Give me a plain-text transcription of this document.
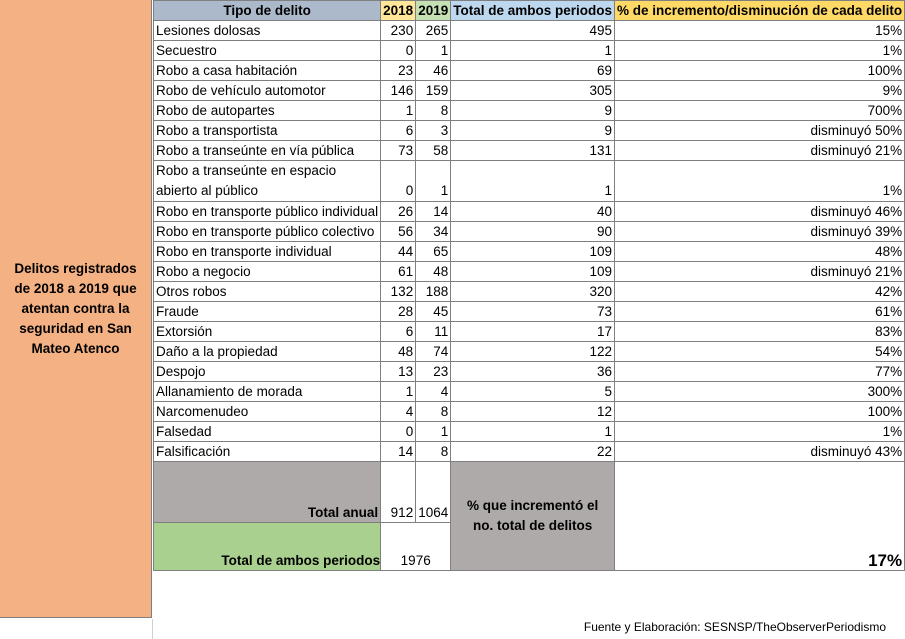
Delitos registrados de 2018 a 2019 que atentan contra la seguridad en San Mateo Atenco
Tipo de delito	2018	2019	Total de ambos periodos	% de incremento/disminución de cada delito
Lesiones dolosas	230	265	495	15%
Secuestro	0	1	1	1%
Robo a casa habitación	23	46	69	100%
Robo de vehículo automotor	146	159	305	9%
Robo de autopartes	1	8	9	700%
Robo a transportista	6	3	9	disminuyó 50%
Robo a transeúnte en vía pública	73	58	131	disminuyó 21%
Robo a transeúnte en espacio abierto al público	0	1	1	1%
Robo en transporte público individual	26	14	40	disminuyó 46%
Robo en transporte público colectivo	56	34	90	disminuyó 39%
Robo en transporte individual	44	65	109	48%
Robo a negocio	61	48	109	disminuyó 21%
Otros robos	132	188	320	42%
Fraude	28	45	73	61%
Extorsión	6	11	17	83%
Daño a la propiedad	48	74	122	54%
Despojo	13	23	36	77%
Allanamiento de morada	1	4	5	300%
Narcomenudeo	4	8	12	100%
Falsedad	0	1	1	1%
Falsificación	14	8	22	disminuyó 43%
Total anual	912	1064	% que incrementó el no. total de delitos	17%
Total de ambos periodos	1976			
Fuente y Elaboración: SESNSP/TheObserverPeriodismo
